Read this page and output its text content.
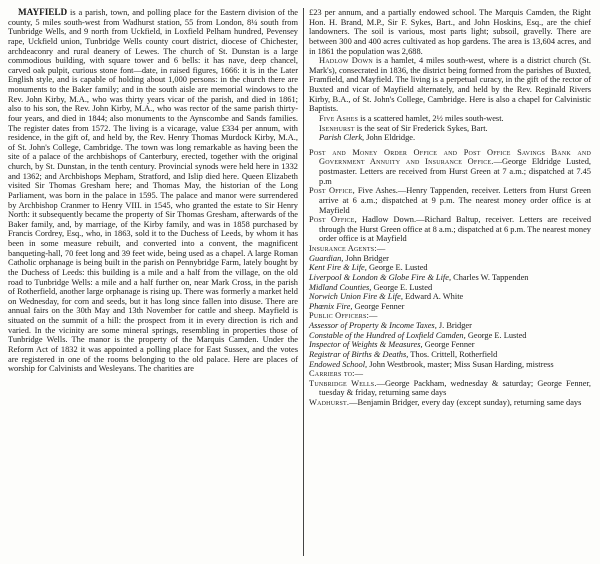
MAYFIELD is a parish, town, and polling place for the Eastern division of the county, 5 miles south-west from Wadhurst station, 55 from London, 8¼ south from Tunbridge Wells, and 9 north from Uckfield, in Loxfield Pelham hundred, Pevensey rape, Uckfield union, Tunbridge Wells county court district, diocese of Chichester, archdeaconry and rural deanery of Lewes. The church of St. Dunstan is a large commodious building, with square tower and 6 bells: it has nave, deep chancel, carved oak pulpit, curious stone font—date, in raised figures, 1666: it is in the Later English style, and is capable of holding about 1,000 persons: in the church there are monuments to the Baker family; and in the south aisle are memorial windows to the Rev. John Kirby, M.A., who was thirty years vicar of the parish, and died in 1861; also to his son, the Rev. John Kirby, M.A., who was rector of the same parish thirty-four years, and died in 1844; also monuments to the Aynscombe and Sands families. The register dates from 1572. The living is a vicarage, value £334 per annum, with residence, in the gift of, and held by, the Rev. Henry Thomas Murdock Kirby, M.A., of St. John's College, Cambridge. The town was long remarkable as having been the site of a palace of the archbishops of Canterbury, erected, together with the original church, by St. Dunstan, in the tenth century. Provincial synods were held here in 1332 and 1362; and Archbishops Mepham, Stratford, and Islip died here. Queen Elizabeth visited Sir Thomas Gresham here; and Thomas May, the historian of the Long Parliament, was born in the palace in 1595. The palace and manor were surrendered by Archbishop Cranmer to Henry VIII. in 1545, who granted the estate to Sir Henry North: it subsequently became the property of Sir Thomas Gresham, afterwards of the Baker family, and, by marriage, of the Kirby family, and was in 1858 purchased by Francis Cordrey, Esq., who, in 1863, sold it to the Duchess of Leeds, by whom it has been in some measure rebuilt, and converted into a convent, the magnificent banqueting-hall, 70 feet long and 39 feet wide, being used as a chapel. A large Roman Catholic orphanage is being built in the parish on Pennybridge Farm, lately bought by the Duchess of Leeds: this building is a mile and a half from the village, on the old road to Tunbridge Wells: a mile and a half further on, near Mark Cross, in the parish of Rotherfield, another large orphanage is rising up. There was formerly a market held on Wednesday, for corn and seeds, but it has long since fallen into disuse. There are annual fairs on the 30th May and 13th November for cattle and sheep. Mayfield is situated on the summit of a hill: the prospect from it in every direction is rich and varied. In the vicinity are some mineral springs, resembling in properties those of Tunbridge Wells. The manor is the property of the Marquis Camden. Under the Reform Act of 1832 it was appointed a polling place for East Sussex, and the votes are registered in one of the rooms belonging to the old palace. Here are places of worship for Calvinists and Wesleyans. The charities are

£23 per annum, and a partially endowed school. The Marquis Camden, the Right Hon. H. Brand, M.P., Sir F. Sykes, Bart., and John Hoskins, Esq., are the chief landowners. The soil is various, most parts light; subsoil, gravelly. There are between 300 and 400 acres cultivated as hop gardens. The area is 13,604 acres, and in 1861 the population was 2,688.

Hadlow Down is a hamlet, 4 miles south-west, where is a district church (St. Mark's), consecrated in 1836, the district being formed from the parishes of Buxted, Framfield, and Mayfield. The living is a perpetual curacy, in the gift of the rector of Buxted and vicar of Mayfield alternately, and held by the Rev. Reginald Rivers Kirby, B.A., of St. John's College, Cambridge. Here is also a chapel for Calvinistic Baptists.

Five Ashes is a scattered hamlet, 2½ miles south-west.

Isenhurst is the seat of Sir Frederick Sykes, Bart.

Parish Clerk, John Eldridge.

Post and Money Order Office and Post Office Savings Bank and Government Annuity and Insurance Office.—George Eldridge Lusted, postmaster. Letters are received from Hurst Green at 7 a.m.; dispatched at 7.45 p.m

Post Office, Five Ashes.—Henry Tappenden, receiver. Letters from Hurst Green arrive at 6 a.m.; dispatched at 9 p.m. The nearest money order office is at Mayfield

Post Office, Hadlow Down.—Richard Baltup, receiver. Letters are received through the Hurst Green office at 8 a.m.; dispatched at 6 p.m. The nearest money order office is at Mayfield

Insurance Agents:—

Guardian, John Bridger

Kent Fire & Life, George E. Lusted

Liverpool & London & Globe Fire & Life, Charles W. Tappenden

Midland Counties, George E. Lusted

Norwich Union Fire & Life, Edward A. White

Phœnix Fire, George Fenner

Public Officers:—

Assessor of Property & Income Taxes, J. Bridger

Constable of the Hundred of Loxfield Camden, George E. Lusted

Inspector of Weights & Measures, George Fenner

Registrar of Births & Deaths, Thos. Crittell, Rotherfield

Endowed School, John Westbrook, master; Miss Susan Harding, mistress

Carriers to:—

Tunbridge Wells.—George Packham, wednesday & saturday; George Fenner, tuesday & friday, returning same days

Wadhurst.—Benjamin Bridger, every day (except sunday), returning same days
